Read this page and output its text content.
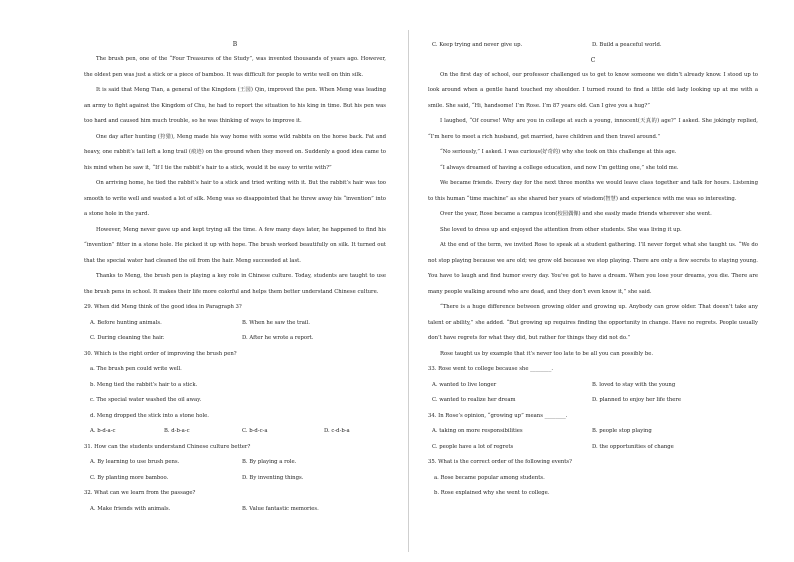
B

The brush pen, one of the “Four Treasures of the Study”, was invented thousands of years ago. However, the oldest pen was just a stick or a piece of bamboo. It was difficult for people to write well on thin silk.

It is said that Meng Tian, a general of the Kingdom (王国) Qin, improved the pen. When Meng was leading an army to fight against the Kingdom of Chu, he had to report the situation to his king in time. But his pen was too hard and caused him much trouble, so he was thinking of ways to improve it.

One day after hunting (狩猎), Meng made his way home with some wild rabbits on the horse back. Fat and heavy, one rabbit’s tail left a long trail (痕迹) on the ground when they moved on. Suddenly a good idea came to his mind when he saw it, “If I tie the rabbit’s hair to a stick, would it be easy to write with?”

On arriving home, he tied the rabbit’s hair to a stick and tried writing with it. But the rabbit’s hair was too smooth to write well and wasted a lot of silk. Meng was so disappointed that he threw away his “invention” into a stone hole in the yard.

However, Meng never gave up and kept trying all the time. A few many days later, he happened to find his “invention” fitter in a stone hole. He picked it up with hope. The brush worked beautifully on silk. It turned out that the special water had cleaned the oil from the hair. Meng succeeded at last.

Thanks to Meng, the brush pen is playing a key role in Chinese culture. Today, students are taught to use the brush pens in school. It makes their life more colorful and helps them better understand Chinese culture.

29. When did Meng think of the good idea in Paragraph 3?

A. Before hunting animals.	B. When he saw the trail.
C. During cleaning the hair.	D. After he wrote a report.

30. Which is the right order of improving the brush pen?

a. The brush pen could write well.

b. Meng tied the rabbit’s hair to a stick.

c. The special water washed the oil away.

d. Meng dropped the stick into a stone hole.

A. b-d-a-c	B. d-b-a-c	C. b-d-c-a	D. c-d-b-a

31. How can the students understand Chinese culture better?

A. By learning to use brush pens.	B. By playing a role.
C. By planting more bamboo.	D. By inventing things.

32. What can we learn from the passage?

A. Make friends with animals.	B. Value fantastic memories.
C. Keep trying and never give up.	D. Build a peaceful world.
C

On the first day of school, our professor challenged us to get to know someone we didn’t already know. I stood up to look around when a gentle hand touched my shoulder. I turned round to find a little old lady looking up at me with a smile. She said, “Hi, handsome! I’m Rose. I’m 87 years old. Can I give you a hug?”

I laughed, “Of course! Why are you in college at such a young, innocent(天真的) age?” I asked. She jokingly replied, “I’m here to meet a rich husband, get married, have children and then travel around.”

“No seriously,” I asked. I was curious(好奇的) why she took on this challenge at this age.

“I always dreamed of having a college education, and now I’m getting one,” she told me.

We became friends. Every day for the next three months we would leave class together and talk for hours. Listening to this human “time machine” as she shared her years of wisdom(智慧) and experience with me was so interesting.

Over the year, Rose became a campus icon(校园偶像) and she easily made friends wherever she went.

She loved to dress up and enjoyed the attention from other students. She was living it up.

At the end of the term, we invited Rose to speak at a student gathering. I’ll never forget what she taught us. “We do not stop playing because we are old; we grow old because we stop playing. There are only a few secrets to staying young. You have to laugh and find humor every day. You’ve got to have a dream. When you lose your dreams, you die. There are many people walking around who are dead, and they don’t even know it,” she said.

“There is a huge difference between growing older and growing up. Anybody can grow older. That doesn’t take any talent or ability,” she added. “But growing up requires finding the opportunity in change. Have no regrets. People usually don’t have regrets for what they did, but rather for things they did not do.”

Rose taught us by example that it’s never too late to be all you can possibly be.

33. Rose went to college because she ________.

A. wanted to live longer	B. loved to stay with the young
C. wanted to realize her dream	D. planned to enjoy her life there

34. In Rose’s opinion, “growing up” means ________.

A. taking on more responsibilities	B. people stop playing
C. people have a lot of regrets	D. the opportunities of change

35. What is the correct order of the following events?

a. Rose became popular among students.

b. Rose explained why she went to college.
